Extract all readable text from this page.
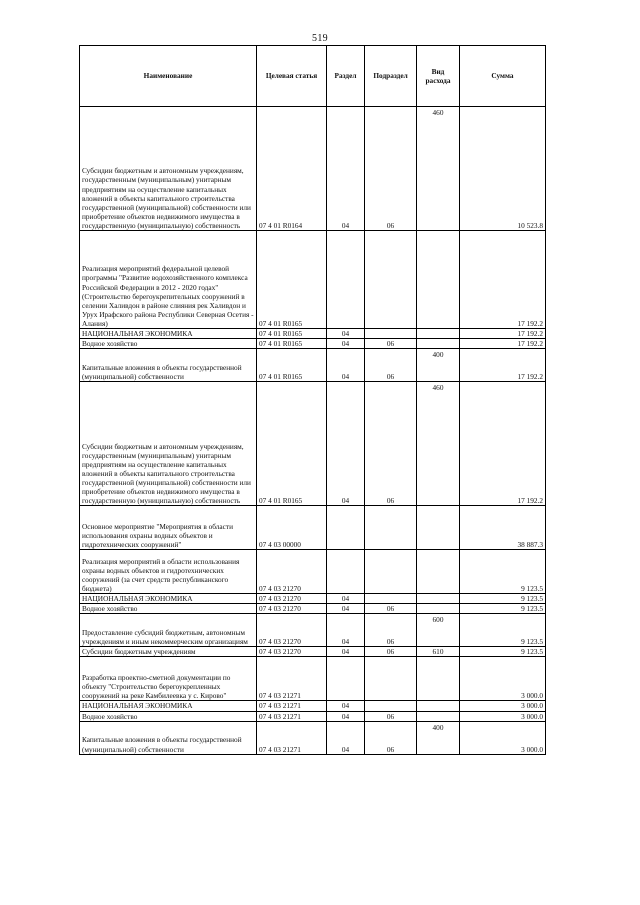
519
Наименование	Целевая статья	Раздел	Подраздел	Вид расхода	Сумма
Субсидии бюджетным и автономным учреждениям, государственным (муниципальным) унитарным предприятиям на осуществление капитальных вложений в объекты капитального строительства государственной (муниципальной) собственности или приобретение объектов недвижимого имущества в государственную (муниципальную) собственность	07 4 01 R0164	04	06	460	10 523.8
Реализация мероприятий федеральной целевой программы "Развитие водохозяйственного комплекса Российской Федерации в 2012 - 2020 годах" (Строительство берегоукрепительных сооружений в селении Халивдон в районе слияния рек Халивдон и Урух Ирафского района Республики Северная Осетия - Алания)	07 4 01 R0165				17 192.2
НАЦИОНАЛЬНАЯ ЭКОНОМИКА	07 4 01 R0165	04			17 192.2
Водное хозяйство	07 4 01 R0165	04	06		17 192.2
Капитальные вложения в объекты государственной (муниципальной) собственности	07 4 01 R0165	04	06	400	17 192.2
Субсидии бюджетным и автономным учреждениям, государственным (муниципальным) унитарным предприятиям на осуществление капитальных вложений в объекты капитального строительства государственной (муниципальной) собственности или приобретение объектов недвижимого имущества в государственную (муниципальную) собственность	07 4 01 R0165	04	06	460	17 192.2
Основное мероприятие "Мероприятия в области использования охраны водных объектов и гидротехнических сооружений"	07 4 03 00000				38 887.3
Реализация мероприятий в области использования охраны водных объектов и гидротехнических сооружений (за счет средств республиканского бюджета)	07 4 03 21270				9 123.5
НАЦИОНАЛЬНАЯ ЭКОНОМИКА	07 4 03 21270	04			9 123.5
Водное хозяйство	07 4 03 21270	04	06		9 123.5
Предоставление субсидий бюджетным, автономным учреждениям и иным некоммерческим организациям	07 4 03 21270	04	06	600	9 123.5
Субсидии бюджетным учреждениям	07 4 03 21270	04	06	610	9 123.5
Разработка проектно-сметной документации по объекту "Строительство берегоукрепленных сооружений на реке Камбилеевка у с. Кирово"	07 4 03 21271				3 000.0
НАЦИОНАЛЬНАЯ ЭКОНОМИКА	07 4 03 21271	04			3 000.0
Водное хозяйство	07 4 03 21271	04	06		3 000.0
Капитальные вложения в объекты государственной (муниципальной) собственности	07 4 03 21271	04	06	400	3 000.0
